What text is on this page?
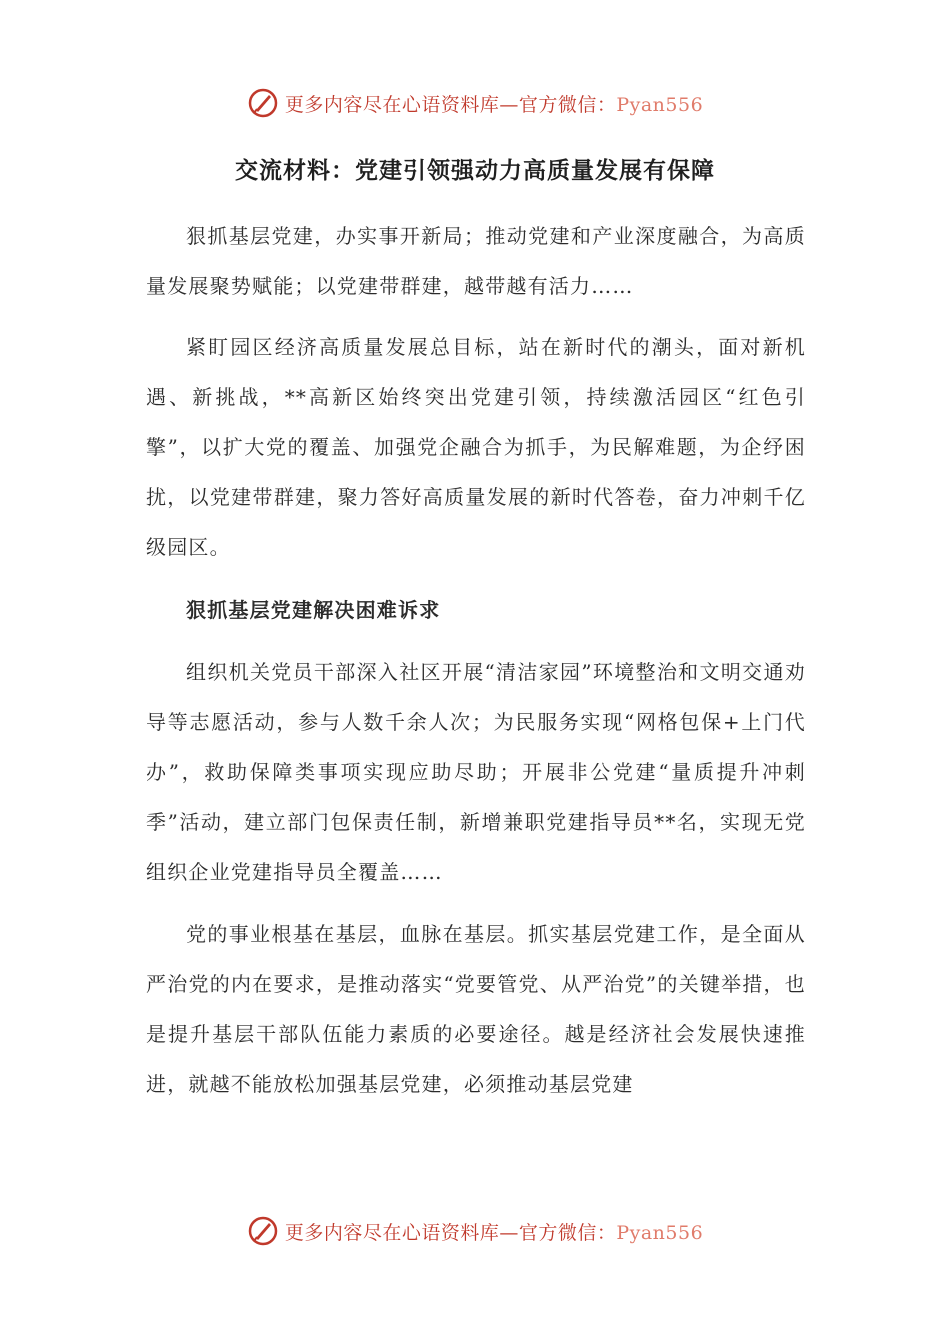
更多内容尽在心语资料库—官方微信：Pyan556
交流材料：党建引领强动力高质量发展有保障

狠抓基层党建，办实事开新局；推动党建和产业深度融合，为高质量发展聚势赋能；以党建带群建，越带越有活力……

紧盯园区经济高质量发展总目标，站在新时代的潮头，面对新机遇、新挑战，**高新区始终突出党建引领，持续激活园区“红色引擎”，以扩大党的覆盖、加强党企融合为抓手，为民解难题，为企纾困扰，以党建带群建，聚力答好高质量发展的新时代答卷，奋力冲刺千亿级园区。

狠抓基层党建解决困难诉求

组织机关党员干部深入社区开展“清洁家园”环境整治和文明交通劝导等志愿活动，参与人数千余人次；为民服务实现“网格包保+上门代办”，救助保障类事项实现应助尽助；开展非公党建“量质提升冲刺季”活动，建立部门包保责任制，新增兼职党建指导员**名，实现无党组织企业党建指导员全覆盖……

党的事业根基在基层，血脉在基层。抓实基层党建工作，是全面从严治党的内在要求，是推动落实“党要管党、从严治党”的关键举措，也是提升基层干部队伍能力素质的必要途径。越是经济社会发展快速推进，就越不能放松加强基层党建，必须推动基层党建

更多内容尽在心语资料库—官方微信：Pyan556
